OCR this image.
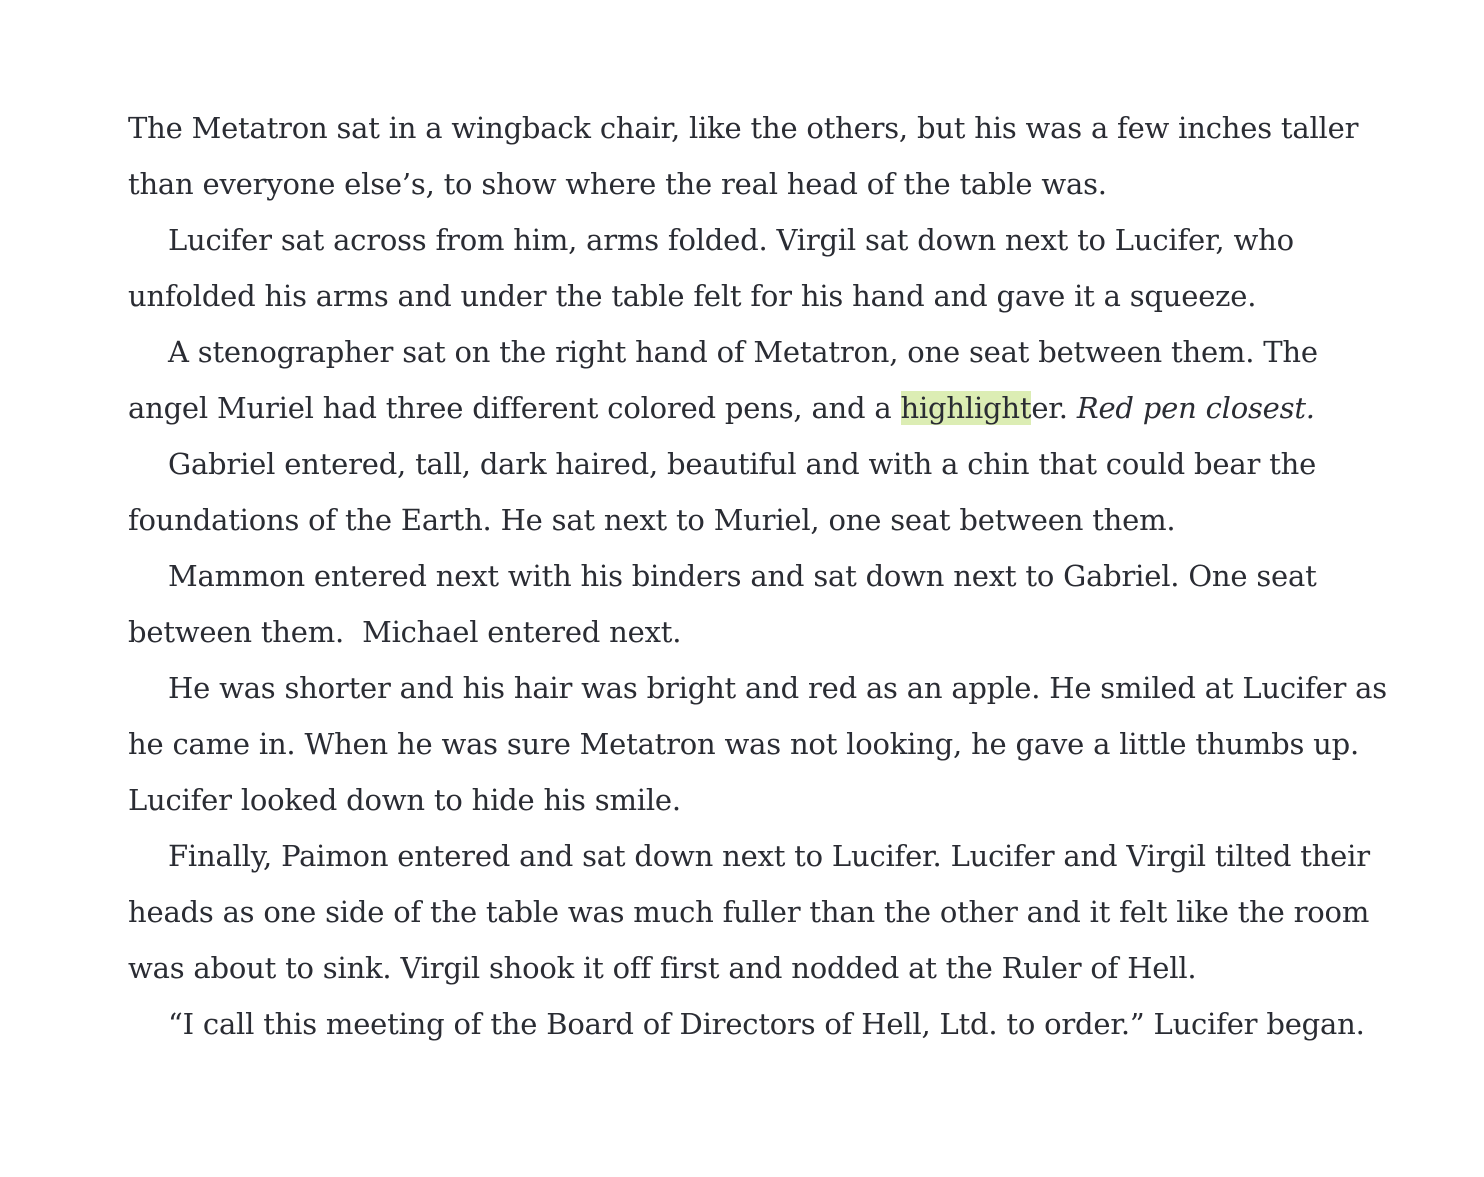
The Metatron sat in a wingback chair, like the others, but his was a few inches taller than everyone else’s, to show where the real head of the table was.

Lucifer sat across from him, arms folded. Virgil sat down next to Lucifer, who unfolded his arms and under the table felt for his hand and gave it a squeeze.

A stenographer sat on the right hand of Metatron, one seat between them. The angel Muriel had three different colored pens, and a highlighter. Red pen closest.

Gabriel entered, tall, dark haired, beautiful and with a chin that could bear the foundations of the Earth. He sat next to Muriel, one seat between them.

Mammon entered next with his binders and sat down next to Gabriel. One seat between them.  Michael entered next.

He was shorter and his hair was bright and red as an apple. He smiled at Lucifer as he came in. When he was sure Metatron was not looking, he gave a little thumbs up. Lucifer looked down to hide his smile.

Finally, Paimon entered and sat down next to Lucifer. Lucifer and Virgil tilted their heads as one side of the table was much fuller than the other and it felt like the room was about to sink. Virgil shook it off first and nodded at the Ruler of Hell.

“I call this meeting of the Board of Directors of Hell, Ltd. to order.” Lucifer began.
